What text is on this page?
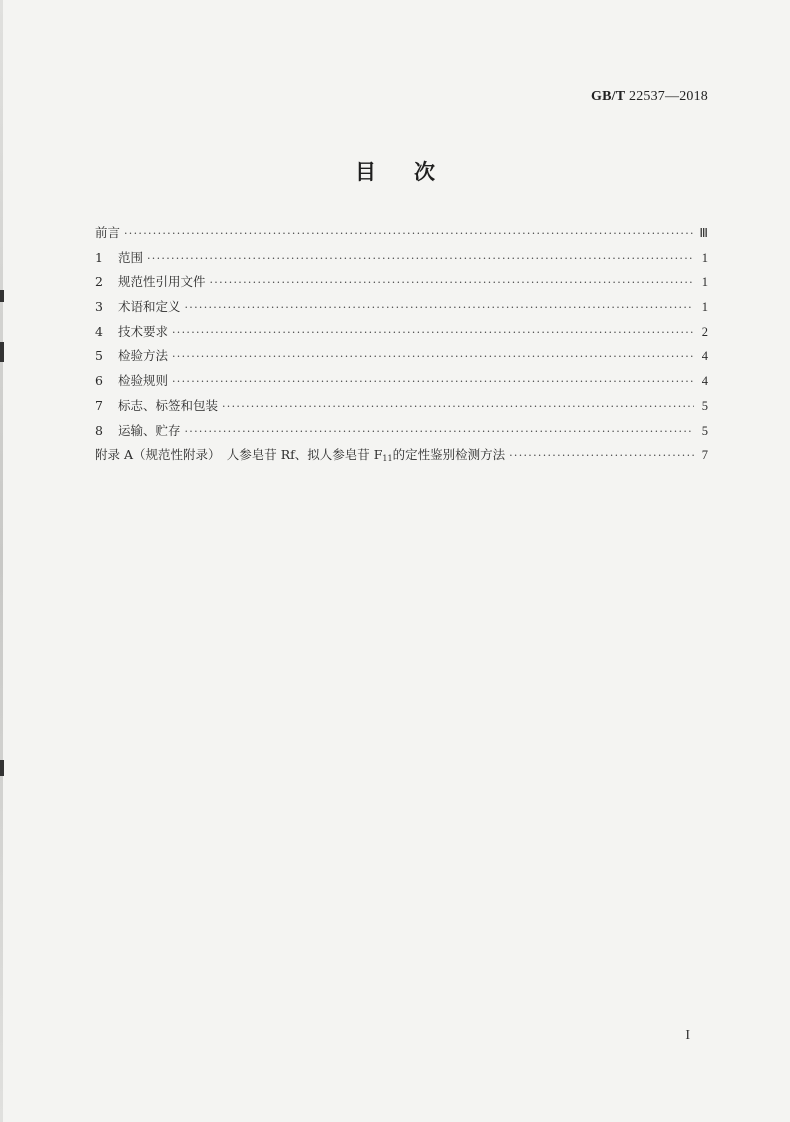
GB/T 22537—2018
目次
前言 ·····	Ⅲ
1	范围 ·····	1
2	规范性引用文件 ·····	1
3	术语和定义 ·····	1
4	技术要求 ·····	2
5	检验方法 ·····	4
6	检验规则 ·····	4
7	标志、标签和包装 ·····	5
8	运输、贮存 ·····	5
附录 A（规范性附录）　人参皂苷 Rf、拟人参皂苷 $F_{11}$的定性鉴别检测方法 ·····	7
I
